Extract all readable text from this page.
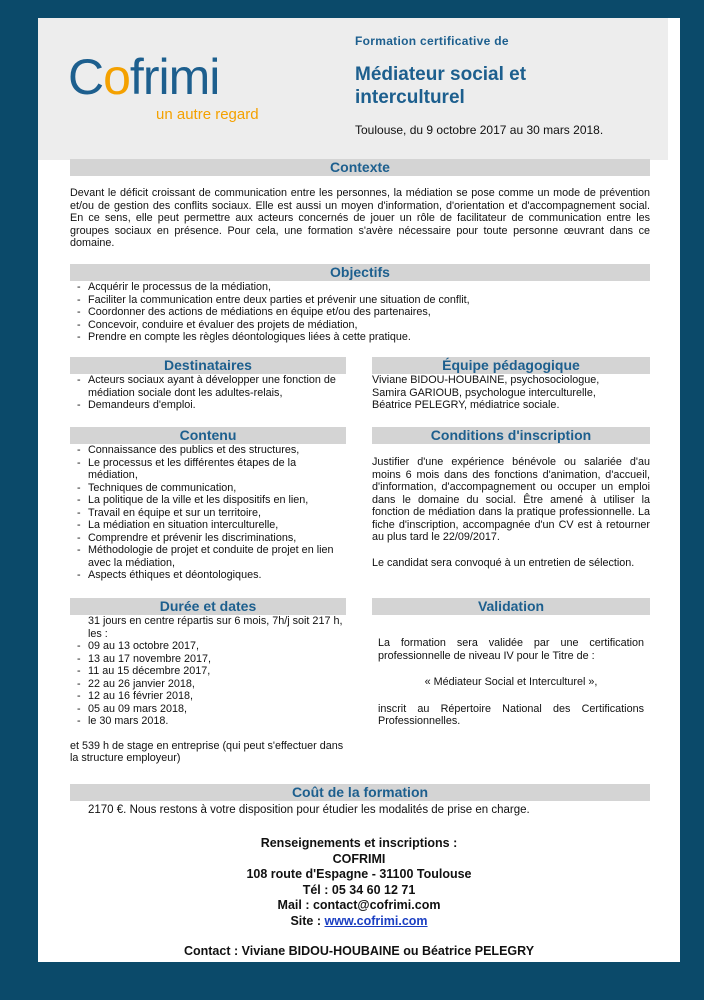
Cofrimi
un autre regard
Formation certificative de
Médiateur social et
interculturel
Toulouse, du 9 octobre 2017 au 30 mars 2018.
Contexte
Devant le déficit croissant de communication entre les personnes, la médiation se pose comme un mode de prévention et/ou de gestion des conflits sociaux. Elle est aussi un moyen d'information, d'orientation et d'accompagnement social. En ce sens, elle peut permettre aux acteurs concernés de jouer un rôle de facilitateur de communication entre les groupes sociaux en présence. Pour cela, une formation s'avère nécessaire pour toute personne œuvrant dans ce domaine.
Objectifs
- Acquérir le processus de la médiation,
- Faciliter la communication entre deux parties et prévenir une situation de conflit,
- Coordonner des actions de médiations en équipe et/ou des partenaires,
- Concevoir, conduire et évaluer des projets de médiation,
- Prendre en compte les règles déontologiques liées à cette pratique.
Destinataires
- Acteurs sociaux ayant à développer une fonction de médiation sociale dont les adultes-relais,
- Demandeurs d'emploi.
Équipe pédagogique
Viviane BIDOU-HOUBAINE, psychosociologue,
Samira GARIOUB, psychologue interculturelle,
Béatrice PELEGRY, médiatrice sociale.
Contenu
- Connaissance des publics et des structures,
- Le processus et les différentes étapes de la médiation,
- Techniques de communication,
- La politique de la ville et les dispositifs en lien,
- Travail en équipe et sur un territoire,
- La médiation en situation interculturelle,
- Comprendre et prévenir les discriminations,
- Méthodologie de projet et conduite de projet en lien avec la médiation,
- Aspects éthiques et déontologiques.
Conditions d'inscription
Justifier d'une expérience bénévole ou salariée d'au moins 6 mois dans des fonctions d'animation, d'accueil, d'information, d'accompagnement ou occuper un emploi dans le domaine du social. Être amené à utiliser la fonction de médiation dans la pratique professionnelle. La fiche d'inscription, accompagnée d'un CV est à retourner au plus tard le 22/09/2017.
Le candidat sera convoqué à un entretien de sélection.
Durée et dates
31 jours en centre répartis sur 6 mois, 7h/j soit 217 h, les :
- 09 au 13 octobre 2017,
- 13 au 17 novembre 2017,
- 11 au 15 décembre 2017,
- 22 au 26 janvier 2018,
- 12 au 16 février 2018,
- 05 au 09 mars 2018,
- le 30 mars 2018.
et 539 h de stage en entreprise (qui peut s'effectuer dans la structure employeur)
Validation
La formation sera validée par une certification professionnelle de niveau IV pour le Titre de :
« Médiateur Social et Interculturel »,
inscrit au Répertoire National des Certifications Professionnelles.
Coût de la formation
2170 €. Nous restons à votre disposition pour étudier les modalités de prise en charge.
Renseignements et inscriptions :
COFRIMI
108 route d'Espagne - 31100 Toulouse
Tél : 05 34 60 12 71
Mail : contact@cofrimi.com
Site : www.cofrimi.com
Contact : Viviane BIDOU-HOUBAINE ou Béatrice PELEGRY
